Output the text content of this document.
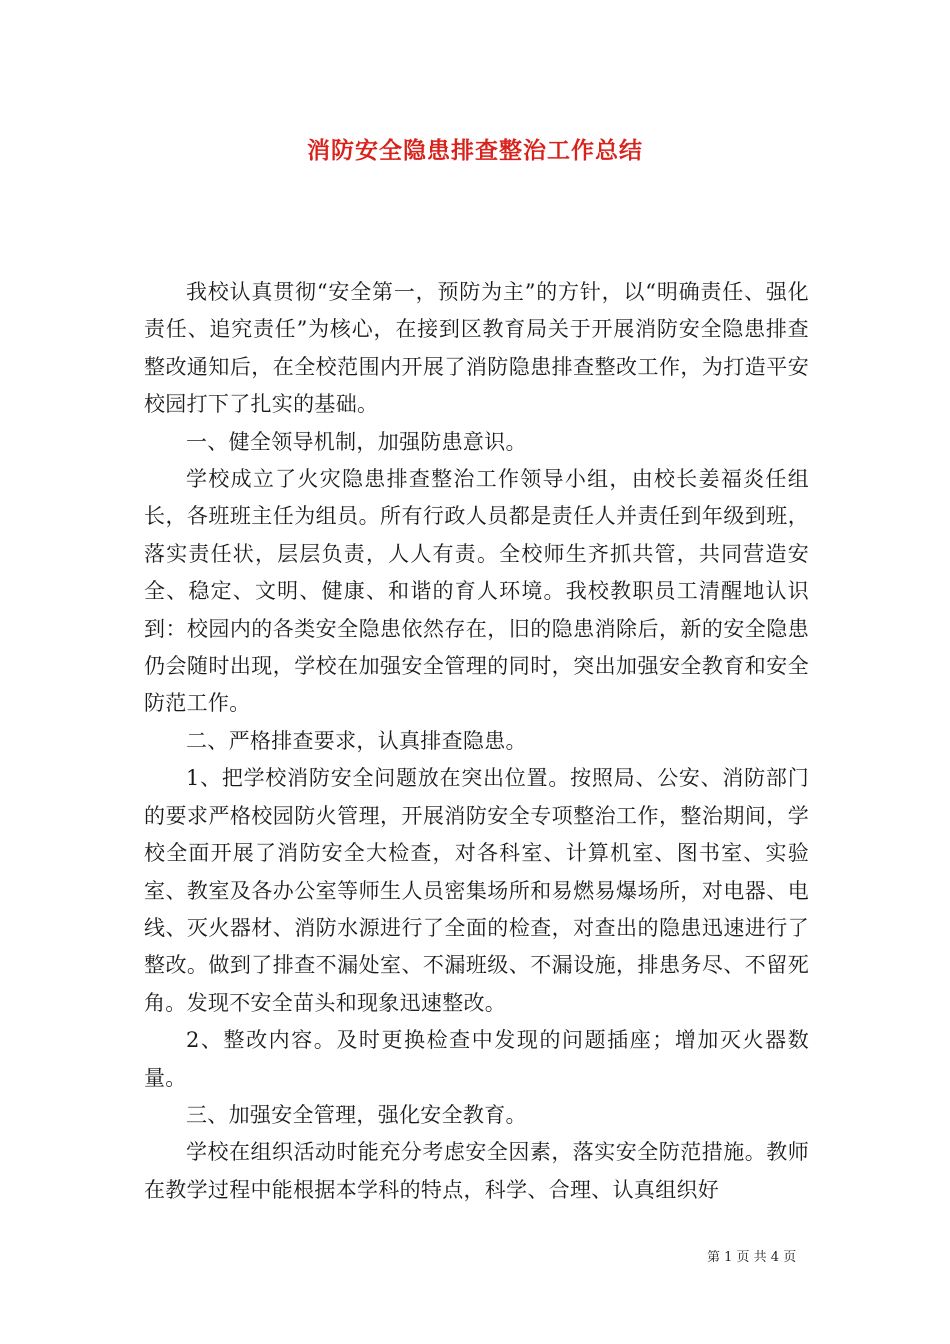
消防安全隐患排查整治工作总结

我校认真贯彻“安全第一，预防为主”的方针，以“明确责任、强化责任、追究责任”为核心，在接到区教育局关于开展消防安全隐患排查整改通知后，在全校范围内开展了消防隐患排查整改工作，为打造平安校园打下了扎实的基础。

一、健全领导机制，加强防患意识。

学校成立了火灾隐患排查整治工作领导小组，由校长姜福炎任组长，各班班主任为组员。所有行政人员都是责任人并责任到年级到班，落实责任状，层层负责，人人有责。全校师生齐抓共管，共同营造安全、稳定、文明、健康、和谐的育人环境。我校教职员工清醒地认识到：校园内的各类安全隐患依然存在，旧的隐患消除后，新的安全隐患仍会随时出现，学校在加强安全管理的同时，突出加强安全教育和安全防范工作。

二、严格排查要求，认真排查隐患。

1、把学校消防安全问题放在突出位置。按照局、公安、消防部门的要求严格校园防火管理，开展消防安全专项整治工作，整治期间，学校全面开展了消防安全大检查，对各科室、计算机室、图书室、实验室、教室及各办公室等师生人员密集场所和易燃易爆场所，对电器、电线、灭火器材、消防水源进行了全面的检查，对查出的隐患迅速进行了整改。做到了排查不漏处室、不漏班级、不漏设施，排患务尽、不留死角。发现不安全苗头和现象迅速整改。

2、整改内容。及时更换检查中发现的问题插座；增加灭火器数量。

三、加强安全管理，强化安全教育。

学校在组织活动时能充分考虑安全因素，落实安全防范措施。教师在教学过程中能根据本学科的特点，科学、合理、认真组织好

第 1 页 共 4 页
